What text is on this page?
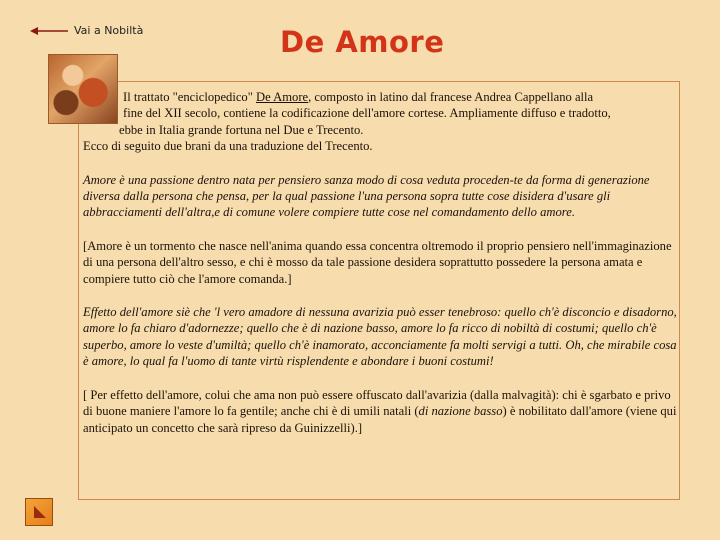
Vai a Nobiltà	De Amore

Il trattato "enciclopedico" De Amore, composto in latino dal francese Andrea Cappellano alla

fine del XII secolo, contiene la codificazione dell'amore cortese. Ampliamente diffuso e tradotto,

ebbe in Italia grande fortuna nel Due e Trecento.

Ecco di seguito due brani da una traduzione del Trecento.

Amore è una passione dentro nata per pensiero sanza modo di cosa veduta proceden-te da forma di generazione diversa dalla persona che pensa, per la qual passione l'una persona sopra tutte cose disidera d'usare gli abbracciamenti dell'altra,e di comune volere compiere tutte cose nel comandamento dello amore.

[Amore è un tormento che nasce nell'anima quando essa concentra oltremodo il proprio pensiero nell'immaginazione di una persona dell'altro sesso, e chi è mosso da tale passione desidera soprattutto possedere la persona amata e compiere tutto ciò che l'amore comanda.]

Effetto dell'amore siè che 'l vero amadore di nessuna avarizia può esser tenebroso: quello ch'è disconcio e disadorno, amore lo fa chiaro d'adornezze; quello che è di nazione basso, amore lo fa ricco di nobiltà di costumi; quello ch'è superbo, amore lo veste d'umiltà; quello ch'è inamorato, acconciamente fa molti servigi a tutti. Oh, che mirabile cosa è amore, lo qual fa l'uomo di tante virtù risplendente e abondare i buoni costumi!

[ Per effetto dell'amore, colui che ama non può essere offuscato dall'avarizia (dalla malvagità): chi è sgarbato e privo di buone maniere l'amore lo fa gentile; anche chi è di umili natali (di nazione basso) è nobilitato dall'amore (viene qui anticipato un concetto che sarà ripreso da Guinizzelli).]
